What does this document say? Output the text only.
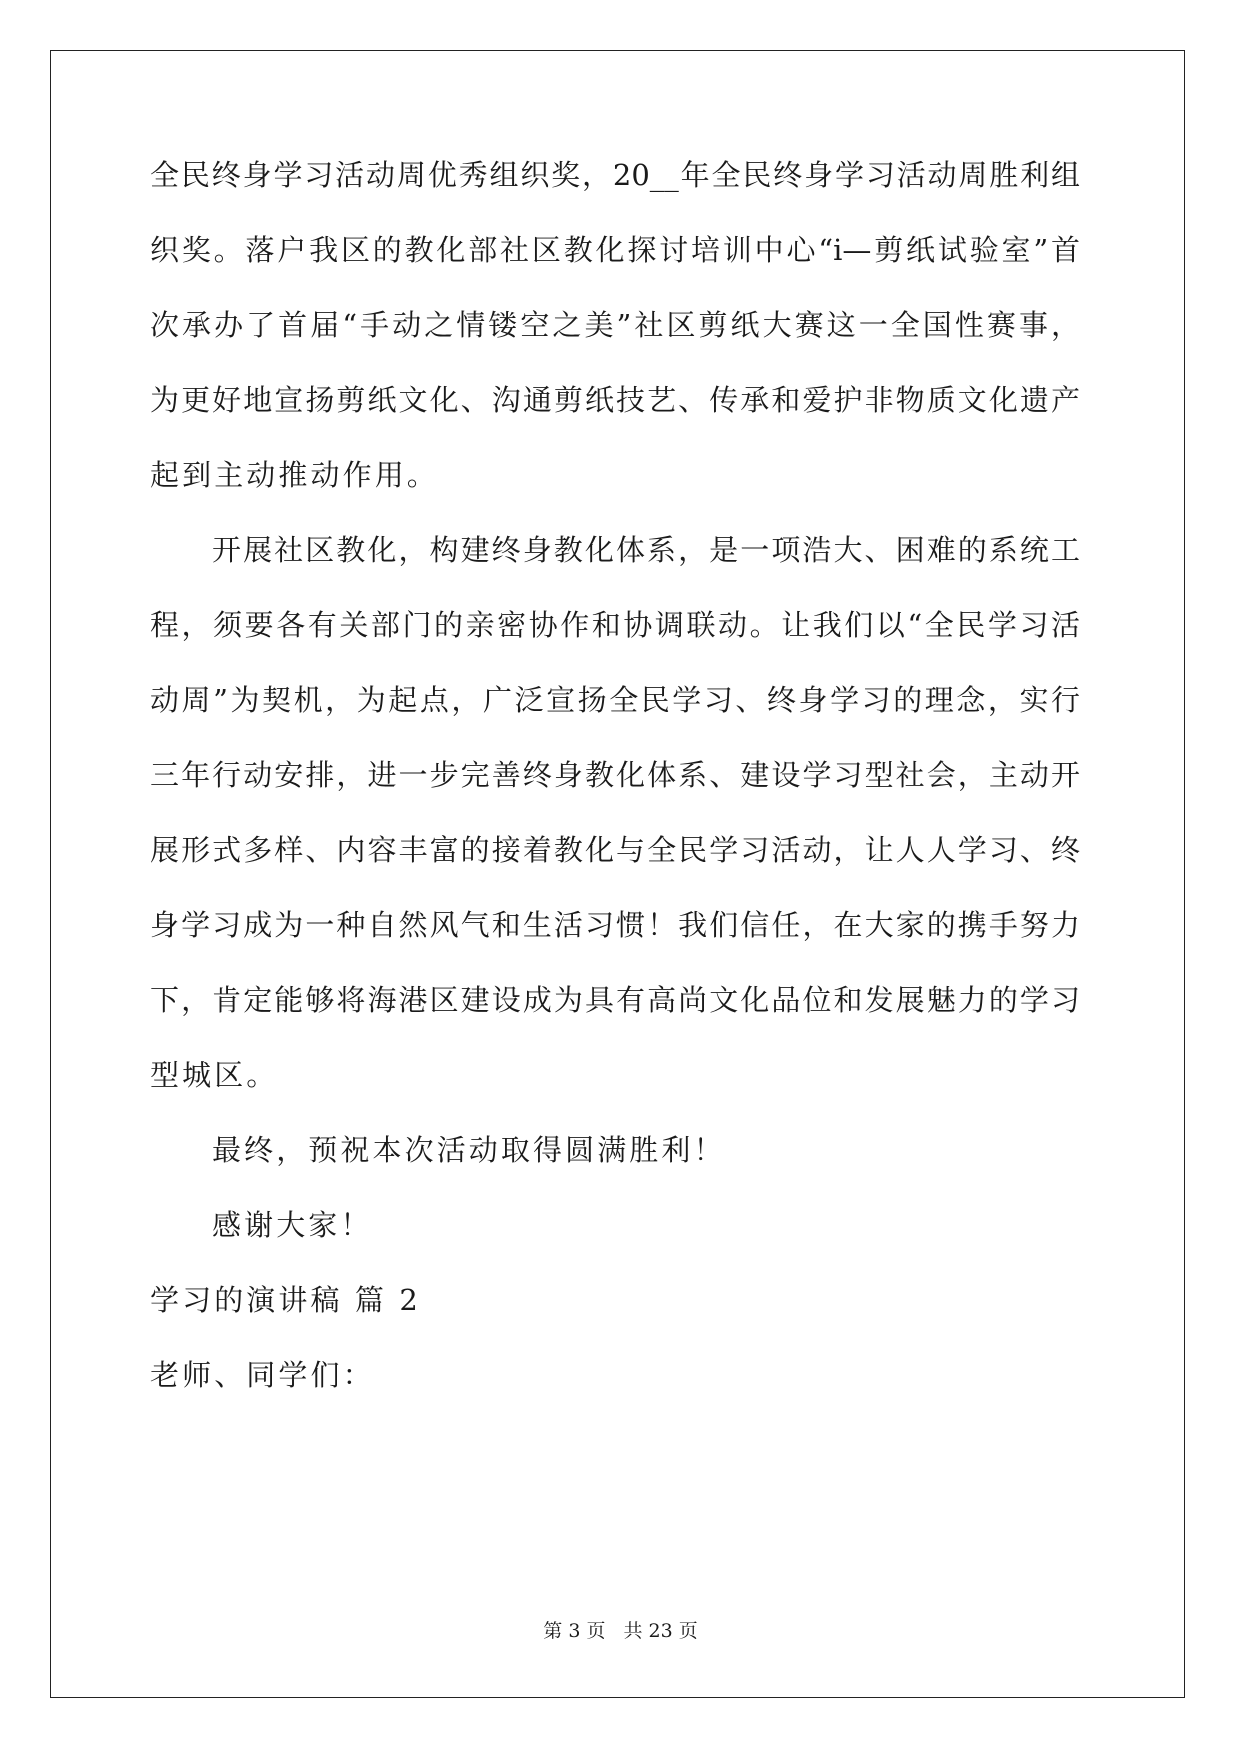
全民终身学习活动周优秀组织奖，20__年全民终身学习活动周胜利组
织奖。落户我区的教化部社区教化探讨培训中心“i—剪纸试验室”首
次承办了首届“手动之情镂空之美”社区剪纸大赛这一全国性赛事，
为更好地宣扬剪纸文化、沟通剪纸技艺、传承和爱护非物质文化遗产
起到主动推动作用。
开展社区教化，构建终身教化体系，是一项浩大、困难的系统工
程，须要各有关部门的亲密协作和协调联动。让我们以“全民学习活
动周”为契机，为起点，广泛宣扬全民学习、终身学习的理念，实行
三年行动安排，进一步完善终身教化体系、建设学习型社会，主动开
展形式多样、内容丰富的接着教化与全民学习活动，让人人学习、终
身学习成为一种自然风气和生活习惯！我们信任，在大家的携手努力
下，肯定能够将海港区建设成为具有高尚文化品位和发展魅力的学习
型城区。
最终，预祝本次活动取得圆满胜利！
感谢大家！
学习的演讲稿 篇 2
老师、同学们：
第 3 页 共 23 页
